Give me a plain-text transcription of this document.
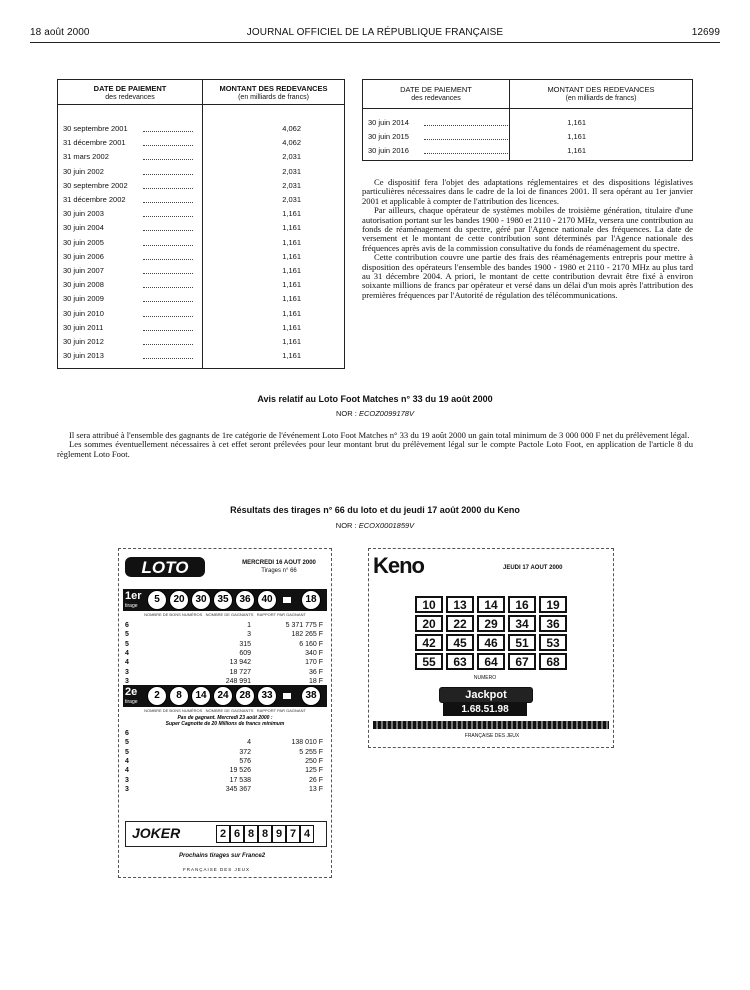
18 août 2000	JOURNAL OFFICIEL DE LA RÉPUBLIQUE FRANÇAISE	12699
DATE DE PAIEMENT
des redevances
MONTANT DES REDEVANCES
(en milliards de francs)
30 septembre 2001	4,062
31 décembre 2001	4,062
31 mars 2002	2,031
30 juin 2002	2,031
30 septembre 2002	2,031
31 décembre 2002	2,031
30 juin 2003	1,161
30 juin 2004	1,161
30 juin 2005	1,161
30 juin 2006	1,161
30 juin 2007	1,161
30 juin 2008	1,161
30 juin 2009	1,161
30 juin 2010	1,161
30 juin 2011	1,161
30 juin 2012	1,161
30 juin 2013	1,161
DATE DE PAIEMENT
des redevances
MONTANT DES REDEVANCES
(en milliards de francs)
30 juin 2014	1,161
30 juin 2015	1,161
30 juin 2016	1,161

Ce dispositif fera l'objet des adaptations réglementaires et des dispositions législatives particulières nécessaires dans le cadre de la loi de finances 2001. Il sera opérant au 1er janvier 2001 et applicable à compter de l'attribution des licences.

Par ailleurs, chaque opérateur de systèmes mobiles de troisième génération, titulaire d'une autorisation portant sur les bandes 1900 - 1980 et 2110 - 2170 MHz, versera une contribution au fonds de réaménagement du spectre, géré par l'Agence nationale des fréquences. La date de versement et le montant de cette contribution sont déterminés par l'Agence nationale des fréquences après avis de la commission consultative du fonds de réaménagement du spectre.

Cette contribution couvre une partie des frais des réaménagements entrepris pour mettre à disposition des opérateurs l'ensemble des bandes 1900 - 1980 et 2110 - 2170 MHz au plus tard au 31 décembre 2004. A priori, le montant de cette contribution devrait être fixé à environ soixante millions de francs par opérateur et versé dans un délai d'un mois après l'attribution des premières fréquences par l'Autorité de régulation des télécommunications.

Avis relatif au Loto Foot Matches n° 33 du 19 août 2000
NOR : ECOZ0099178V

Il sera attribué à l'ensemble des gagnants de 1re catégorie de l'événement Loto Foot Matches n° 33 du 19 août 2000 un gain total minimum de 3 000 000 F net du prélèvement légal.

Les sommes éventuellement nécessaires à cet effet seront prélevées pour leur montant brut du prélèvement légal sur le compte Pactole Loto Foot, en application de l'article 8 du règlement Loto Foot.

Résultats des tirages n° 66 du loto et du jeudi 17 août 2000 du Keno
NOR : ECOX0001859V
LOTO	MERCREDI 16 AOUT 2000
Tirages n° 66
1er
tirage
5	20	30	35	36	40	18
NOMBRE DE BONS NUMÉROS   NOMBRE DE GAGNANTS   RAPPORT PAR GAGNANT
6	1	5 371 775 F
5	3	182 265 F
5	315	6 160 F
4	609	340 F
4	13 942	170 F
3	18 727	36 F
3	248 991	18 F
2e
tirage
2	8	14	24	28	33	38
NOMBRE DE BONS NUMÉROS   NOMBRE DE GAGNANTS   RAPPORT PAR GAGNANT
Pas de gagnant. Mercredi 23 août 2000 :
Super Cagnotte de 20 Millions de francs minimum
6
5	4	138 010 F
5	372	5 255 F
4	576	250 F
4	19 526	125 F
3	17 538	26 F
3	345 367	13 F
JOKER	2 6 8 8 9 7 4
Prochains tirages sur France2
FRANÇAISE DES JEUX
Keno	JEUDI 17 AOUT 2000
10	13	14	16	19
20	22	29	34	36
42	45	46	51	53
55	63	64	67	68
NUMERO
Jackpot
1.68.51.98
FRANÇAISE DES JEUX
